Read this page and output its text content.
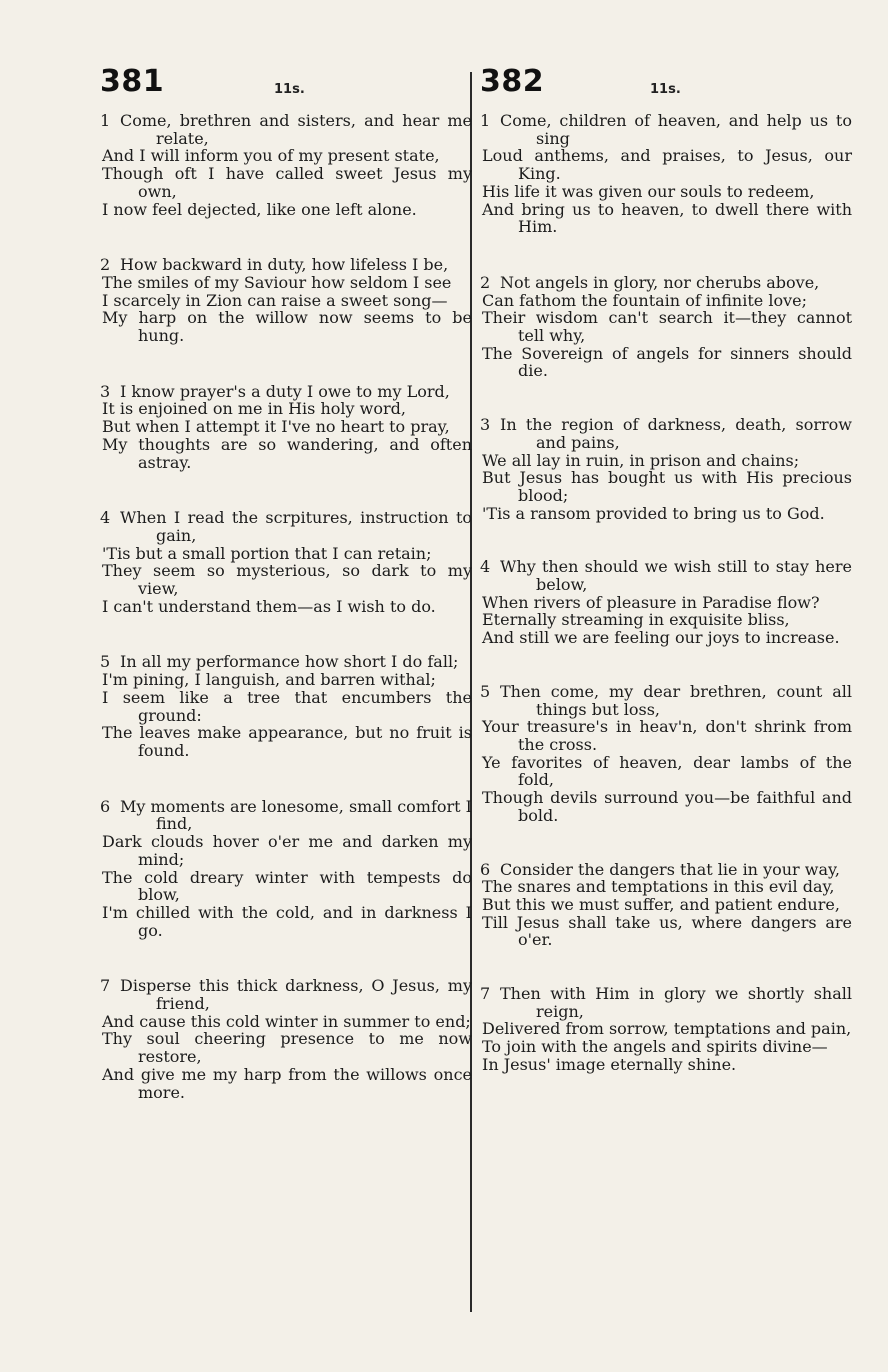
381	11s.
1 Come, brethren and sisters, and hear me relate,
And I will inform you of my present state,
Though oft I have called sweet Jesus my own,
I now feel dejected, like one left alone.
2 How backward in duty, how lifeless I be,
The smiles of my Saviour how seldom I see
I scarcely in Zion can raise a sweet song—
My harp on the willow now seems to be hung.
3 I know prayer's a duty I owe to my Lord,
It is enjoined on me in His holy word,
But when I attempt it I've no heart to pray,
My thoughts are so wandering, and often astray.
4 When I read the scrpitures, instruction to gain,
'Tis but a small portion that I can retain;
They seem so mysterious, so dark to my view,
I can't understand them—as I wish to do.
5 In all my performance how short I do fall;
I'm pining, I languish, and barren withal;
I seem like a tree that encumbers the ground:
The leaves make appearance, but no fruit is found.
6 My moments are lonesome, small comfort I find,
Dark clouds hover o'er me and darken my mind;
The cold dreary winter with tempests do blow,
I'm chilled with the cold, and in darkness I go.
7 Disperse this thick darkness, O Jesus, my friend,
And cause this cold winter in summer to end;
Thy soul cheering presence to me now restore,
And give me my harp from the willows once more.
382	11s.
1 Come, children of heaven, and help us to sing
Loud anthems, and praises, to Jesus, our King.
His life it was given our souls to redeem,
And bring us to heaven, to dwell there with Him.
2 Not angels in glory, nor cherubs above,
Can fathom the fountain of infinite love;
Their wisdom can't search it—they cannot tell why,
The Sovereign of angels for sinners should die.
3 In the region of darkness, death, sorrow and pains,
We all lay in ruin, in prison and chains;
But Jesus has bought us with His precious blood;
'Tis a ransom provided to bring us to God.
4 Why then should we wish still to stay here below,
When rivers of pleasure in Paradise flow?
Eternally streaming in exquisite bliss,
And still we are feeling our joys to increase.
5 Then come, my dear brethren, count all things but loss,
Your treasure's in heav'n, don't shrink from the cross.
Ye favorites of heaven, dear lambs of the fold,
Though devils surround you—be faithful and bold.
6 Consider the dangers that lie in your way,
The snares and temptations in this evil day,
But this we must suffer, and patient endure,
Till Jesus shall take us, where dangers are o'er.
7 Then with Him in glory we shortly shall reign,
Delivered from sorrow, temptations and pain,
To join with the angels and spirits divine—
In Jesus' image eternally shine.
